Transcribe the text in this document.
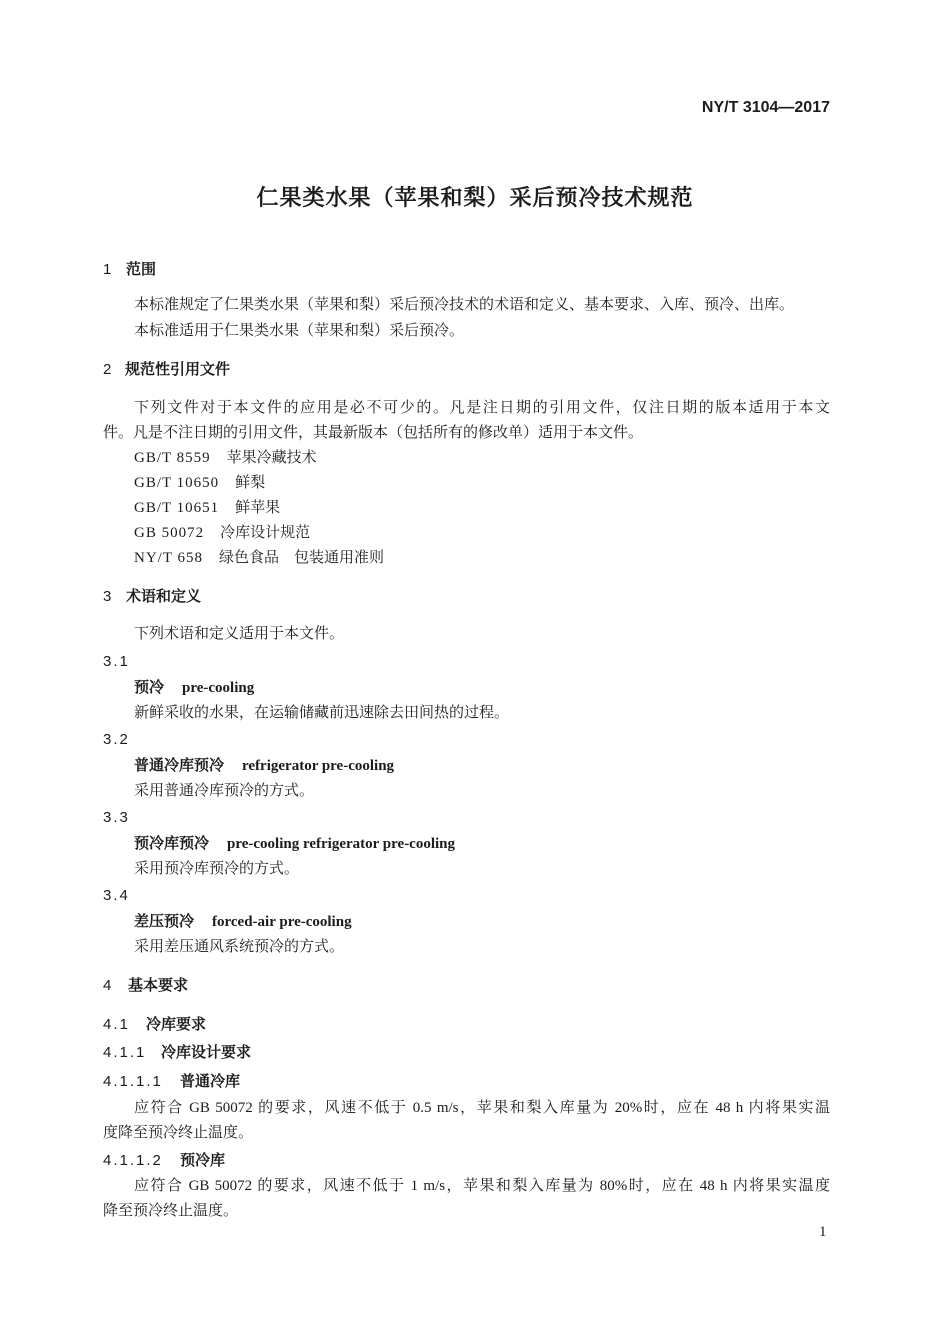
NY/T 3104—2017
仁果类水果（苹果和梨）采后预冷技术规范
1 范围
本标准规定了仁果类水果（苹果和梨）采后预冷技术的术语和定义、基本要求、入库、预冷、出库。
本标准适用于仁果类水果（苹果和梨）采后预冷。
2 规范性引用文件
下列文件对于本文件的应用是必不可少的。凡是注日期的引用文件，仅注日期的版本适用于本文
件。凡是不注日期的引用文件，其最新版本（包括所有的修改单）适用于本文件。
GB/T 8559 苹果冷藏技术
GB/T 10650 鲜梨
GB/T 10651 鲜苹果
GB 50072 冷库设计规范
NY/T 658 绿色食品　包装通用准则
3 术语和定义
下列术语和定义适用于本文件。
3.1
预冷 pre-cooling
新鲜采收的水果，在运输储藏前迅速除去田间热的过程。
3.2
普通冷库预冷 refrigerator pre-cooling
采用普通冷库预冷的方式。
3.3
预冷库预冷 pre-cooling refrigerator pre-cooling
采用预冷库预冷的方式。
3.4
差压预冷 forced-air pre-cooling
采用差压通风系统预冷的方式。
4 基本要求
4.1 冷库要求
4.1.1 冷库设计要求
4.1.1.1 普通冷库
应符合 GB 50072 的要求，风速不低于 0.5 m/s，苹果和梨入库量为 20%时，应在 48 h 内将果实温
度降至预冷终止温度。
4.1.1.2 预冷库
应符合 GB 50072 的要求，风速不低于 1 m/s，苹果和梨入库量为 80%时，应在 48 h 内将果实温度
降至预冷终止温度。
1
